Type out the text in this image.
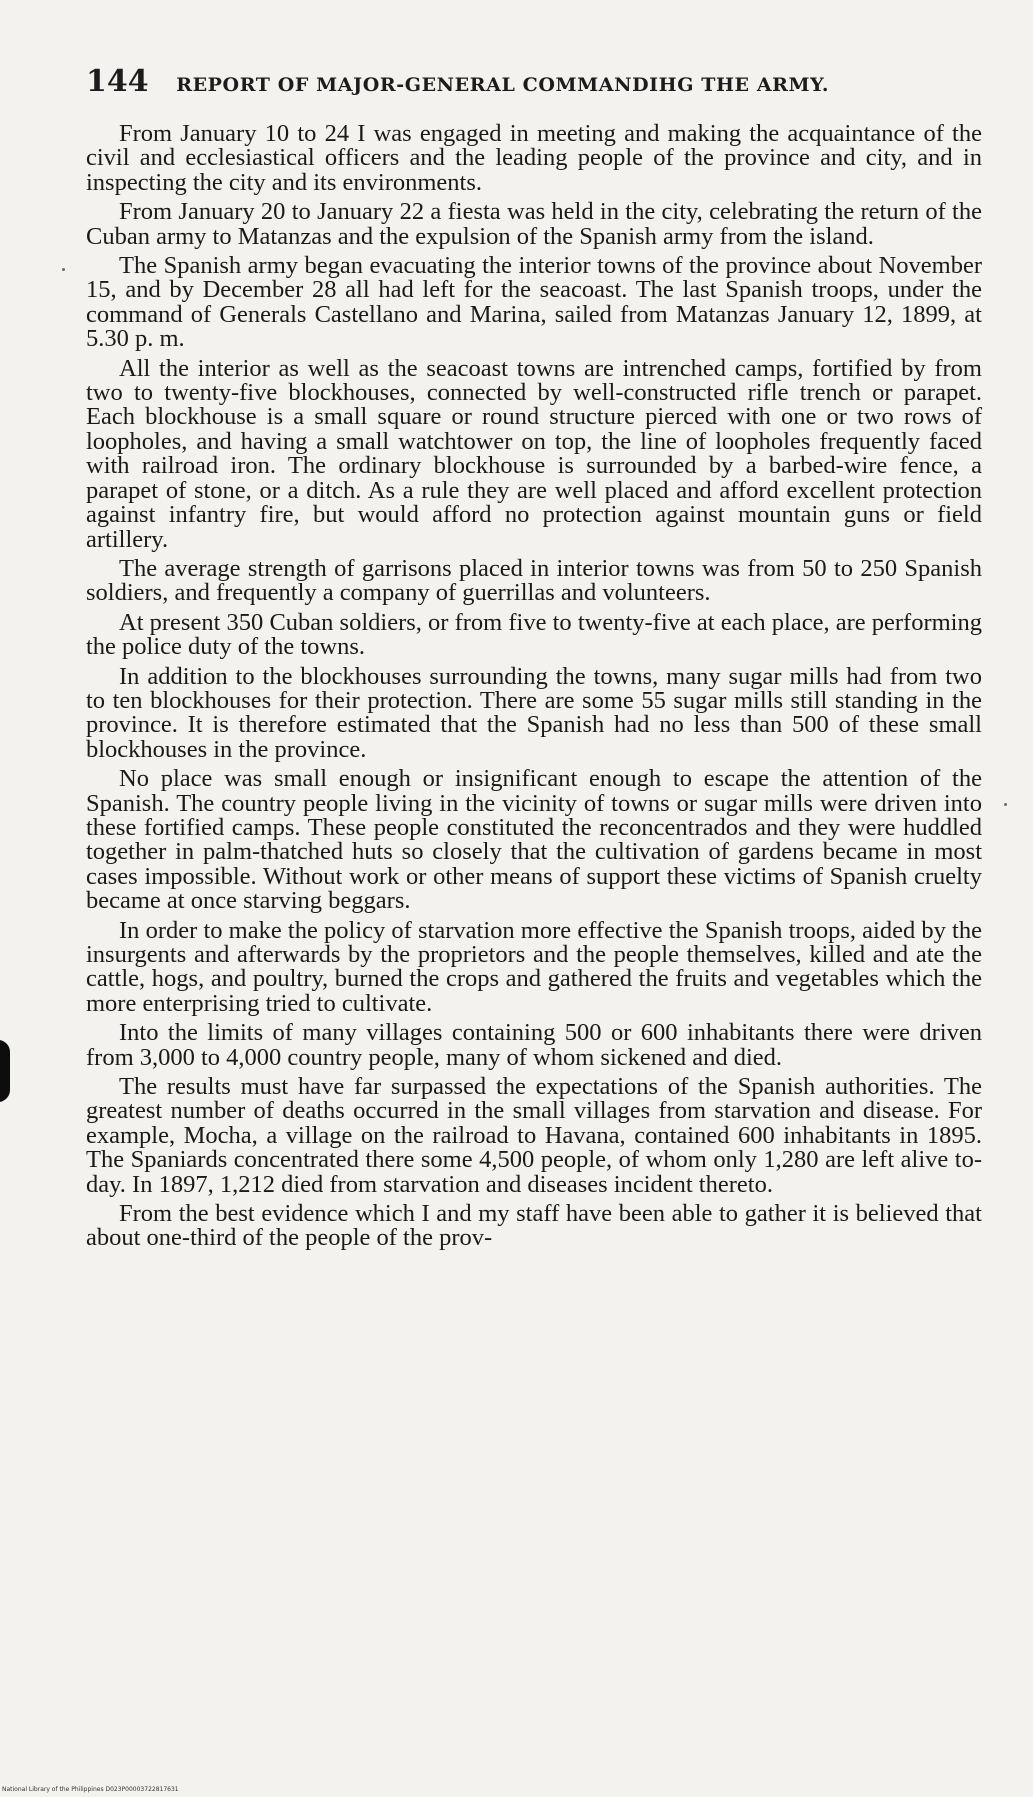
144 REPORT OF MAJOR-GENERAL COMMANDIHG THE ARMY.

From January 10 to 24 I was engaged in meeting and making the acquaintance of the civil and ecclesiastical officers and the leading people of the province and city, and in inspecting the city and its environments.

From January 20 to January 22 a fiesta was held in the city, celebrating the return of the Cuban army to Matanzas and the expulsion of the Spanish army from the island.

The Spanish army began evacuating the interior towns of the province about November 15, and by December 28 all had left for the seacoast. The last Spanish troops, under the command of Generals Castellano and Marina, sailed from Matanzas January 12, 1899, at 5.30 p. m.

All the interior as well as the seacoast towns are intrenched camps, fortified by from two to twenty-five blockhouses, connected by well-constructed rifle trench or parapet. Each blockhouse is a small square or round structure pierced with one or two rows of loopholes, and having a small watchtower on top, the line of loopholes frequently faced with railroad iron. The ordinary blockhouse is surrounded by a barbed-wire fence, a parapet of stone, or a ditch. As a rule they are well placed and afford excellent protection against infantry fire, but would afford no protection against mountain guns or field artillery.

The average strength of garrisons placed in interior towns was from 50 to 250 Spanish soldiers, and frequently a company of guerrillas and volunteers.

At present 350 Cuban soldiers, or from five to twenty-five at each place, are performing the police duty of the towns.

In addition to the blockhouses surrounding the towns, many sugar mills had from two to ten blockhouses for their protection. There are some 55 sugar mills still standing in the province. It is therefore estimated that the Spanish had no less than 500 of these small blockhouses in the province.

No place was small enough or insignificant enough to escape the attention of the Spanish. The country people living in the vicinity of towns or sugar mills were driven into these fortified camps. These people constituted the reconcentrados and they were huddled together in palm-thatched huts so closely that the cultivation of gardens became in most cases impossible. Without work or other means of support these victims of Spanish cruelty became at once starving beggars.

In order to make the policy of starvation more effective the Spanish troops, aided by the insurgents and afterwards by the proprietors and the people themselves, killed and ate the cattle, hogs, and poultry, burned the crops and gathered the fruits and vegetables which the more enterprising tried to cultivate.

Into the limits of many villages containing 500 or 600 inhabitants there were driven from 3,000 to 4,000 country people, many of whom sickened and died.

The results must have far surpassed the expectations of the Spanish authorities. The greatest number of deaths occurred in the small villages from starvation and disease. For example, Mocha, a village on the railroad to Havana, contained 600 inhabitants in 1895. The Spaniards concentrated there some 4,500 people, of whom only 1,280 are left alive to-day. In 1897, 1,212 died from starvation and diseases incident thereto.

From the best evidence which I and my staff have been able to gather it is believed that about one-third of the people of the prov-

National Library of the Philippines D023P00003722817631
